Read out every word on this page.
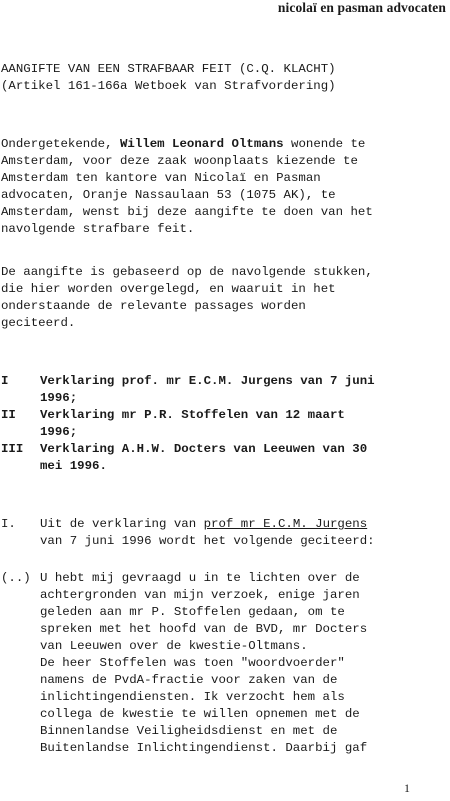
nicolaï en pasman advocaten
AANGIFTE VAN EEN STRAFBAAR FEIT (C.Q. KLACHT)
(Artikel 161-166a Wetboek van Strafvordering)
Ondergetekende, Willem Leonard Oltmans wonende te
Amsterdam, voor deze zaak woonplaats kiezende te
Amsterdam ten kantore van Nicolaï en Pasman
advocaten, Oranje Nassaulaan 53 (1075 AK), te
Amsterdam, wenst bij deze aangifte te doen van het
navolgende strafbare feit.
De aangifte is gebaseerd op de navolgende stukken,
die hier worden overgelegd, en waaruit in het
onderstaande de relevante passages worden
geciteerd.
I	Verklaring prof. mr E.C.M. Jurgens van 7 juni
1996;
II	Verklaring mr P.R. Stoffelen van 12 maart
1996;
III	Verklaring A.H.W. Docters van Leeuwen van 30
mei 1996.
I.	Uit de verklaring van prof mr E.C.M. Jurgens
van 7 juni 1996 wordt het volgende geciteerd:
(..) U hebt mij gevraagd u in te lichten over de
achtergronden van mijn verzoek, enige jaren
geleden aan mr P. Stoffelen gedaan, om te
spreken met het hoofd van de BVD, mr Docters
van Leeuwen over de kwestie-Oltmans.
De heer Stoffelen was toen "woordvoerder"
namens de PvdA-fractie voor zaken van de
inlichtingendiensten. Ik verzocht hem als
collega de kwestie te willen opnemen met de
Binnenlandse Veiligheidsdienst en met de
Buitenlandse Inlichtingendienst. Daarbij gaf
1
